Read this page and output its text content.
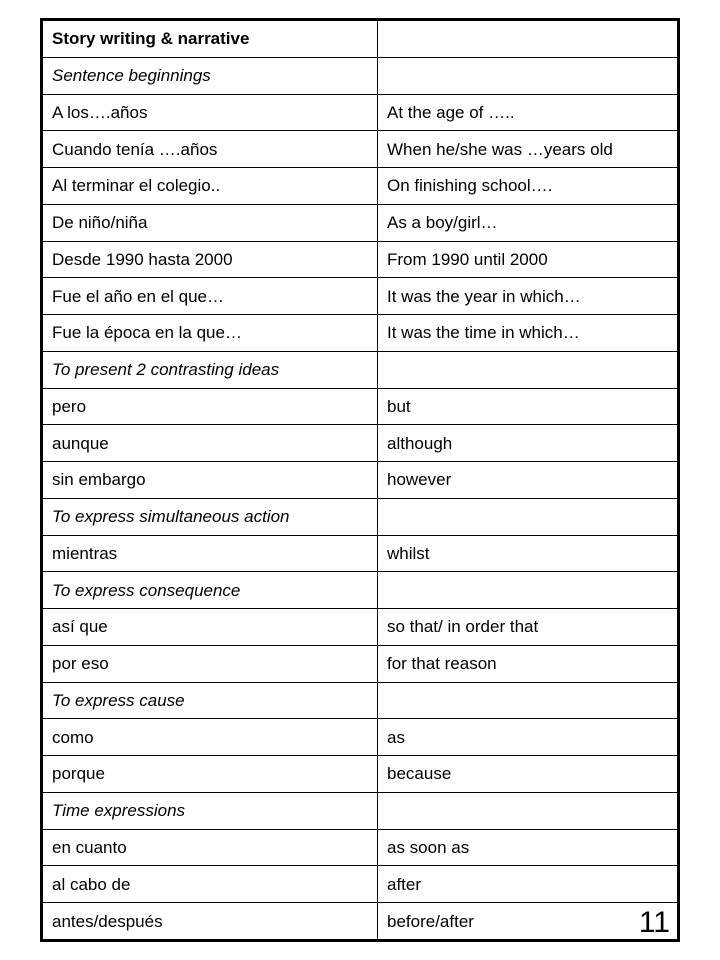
Story writing & narrative	
Sentence beginnings	
A los….años	At the age of …..
Cuando tenía ….años	When he/she was …years old
Al terminar el colegio..	On finishing school….
De niño/niña	As a boy/girl…
Desde 1990 hasta 2000	From 1990 until 2000
Fue el año en el que…	It was the year in which…
Fue la época en la que…	It was the time in which…
To present 2 contrasting ideas	
pero	but
aunque	although
sin embargo	however
To express simultaneous action	
mientras	whilst
To express consequence	
así que	so that/ in order that
por eso	for that reason
To express cause	
como	as
porque	because
Time expressions	
en cuanto	as soon as
al cabo de	after
antes/después	before/after	11
